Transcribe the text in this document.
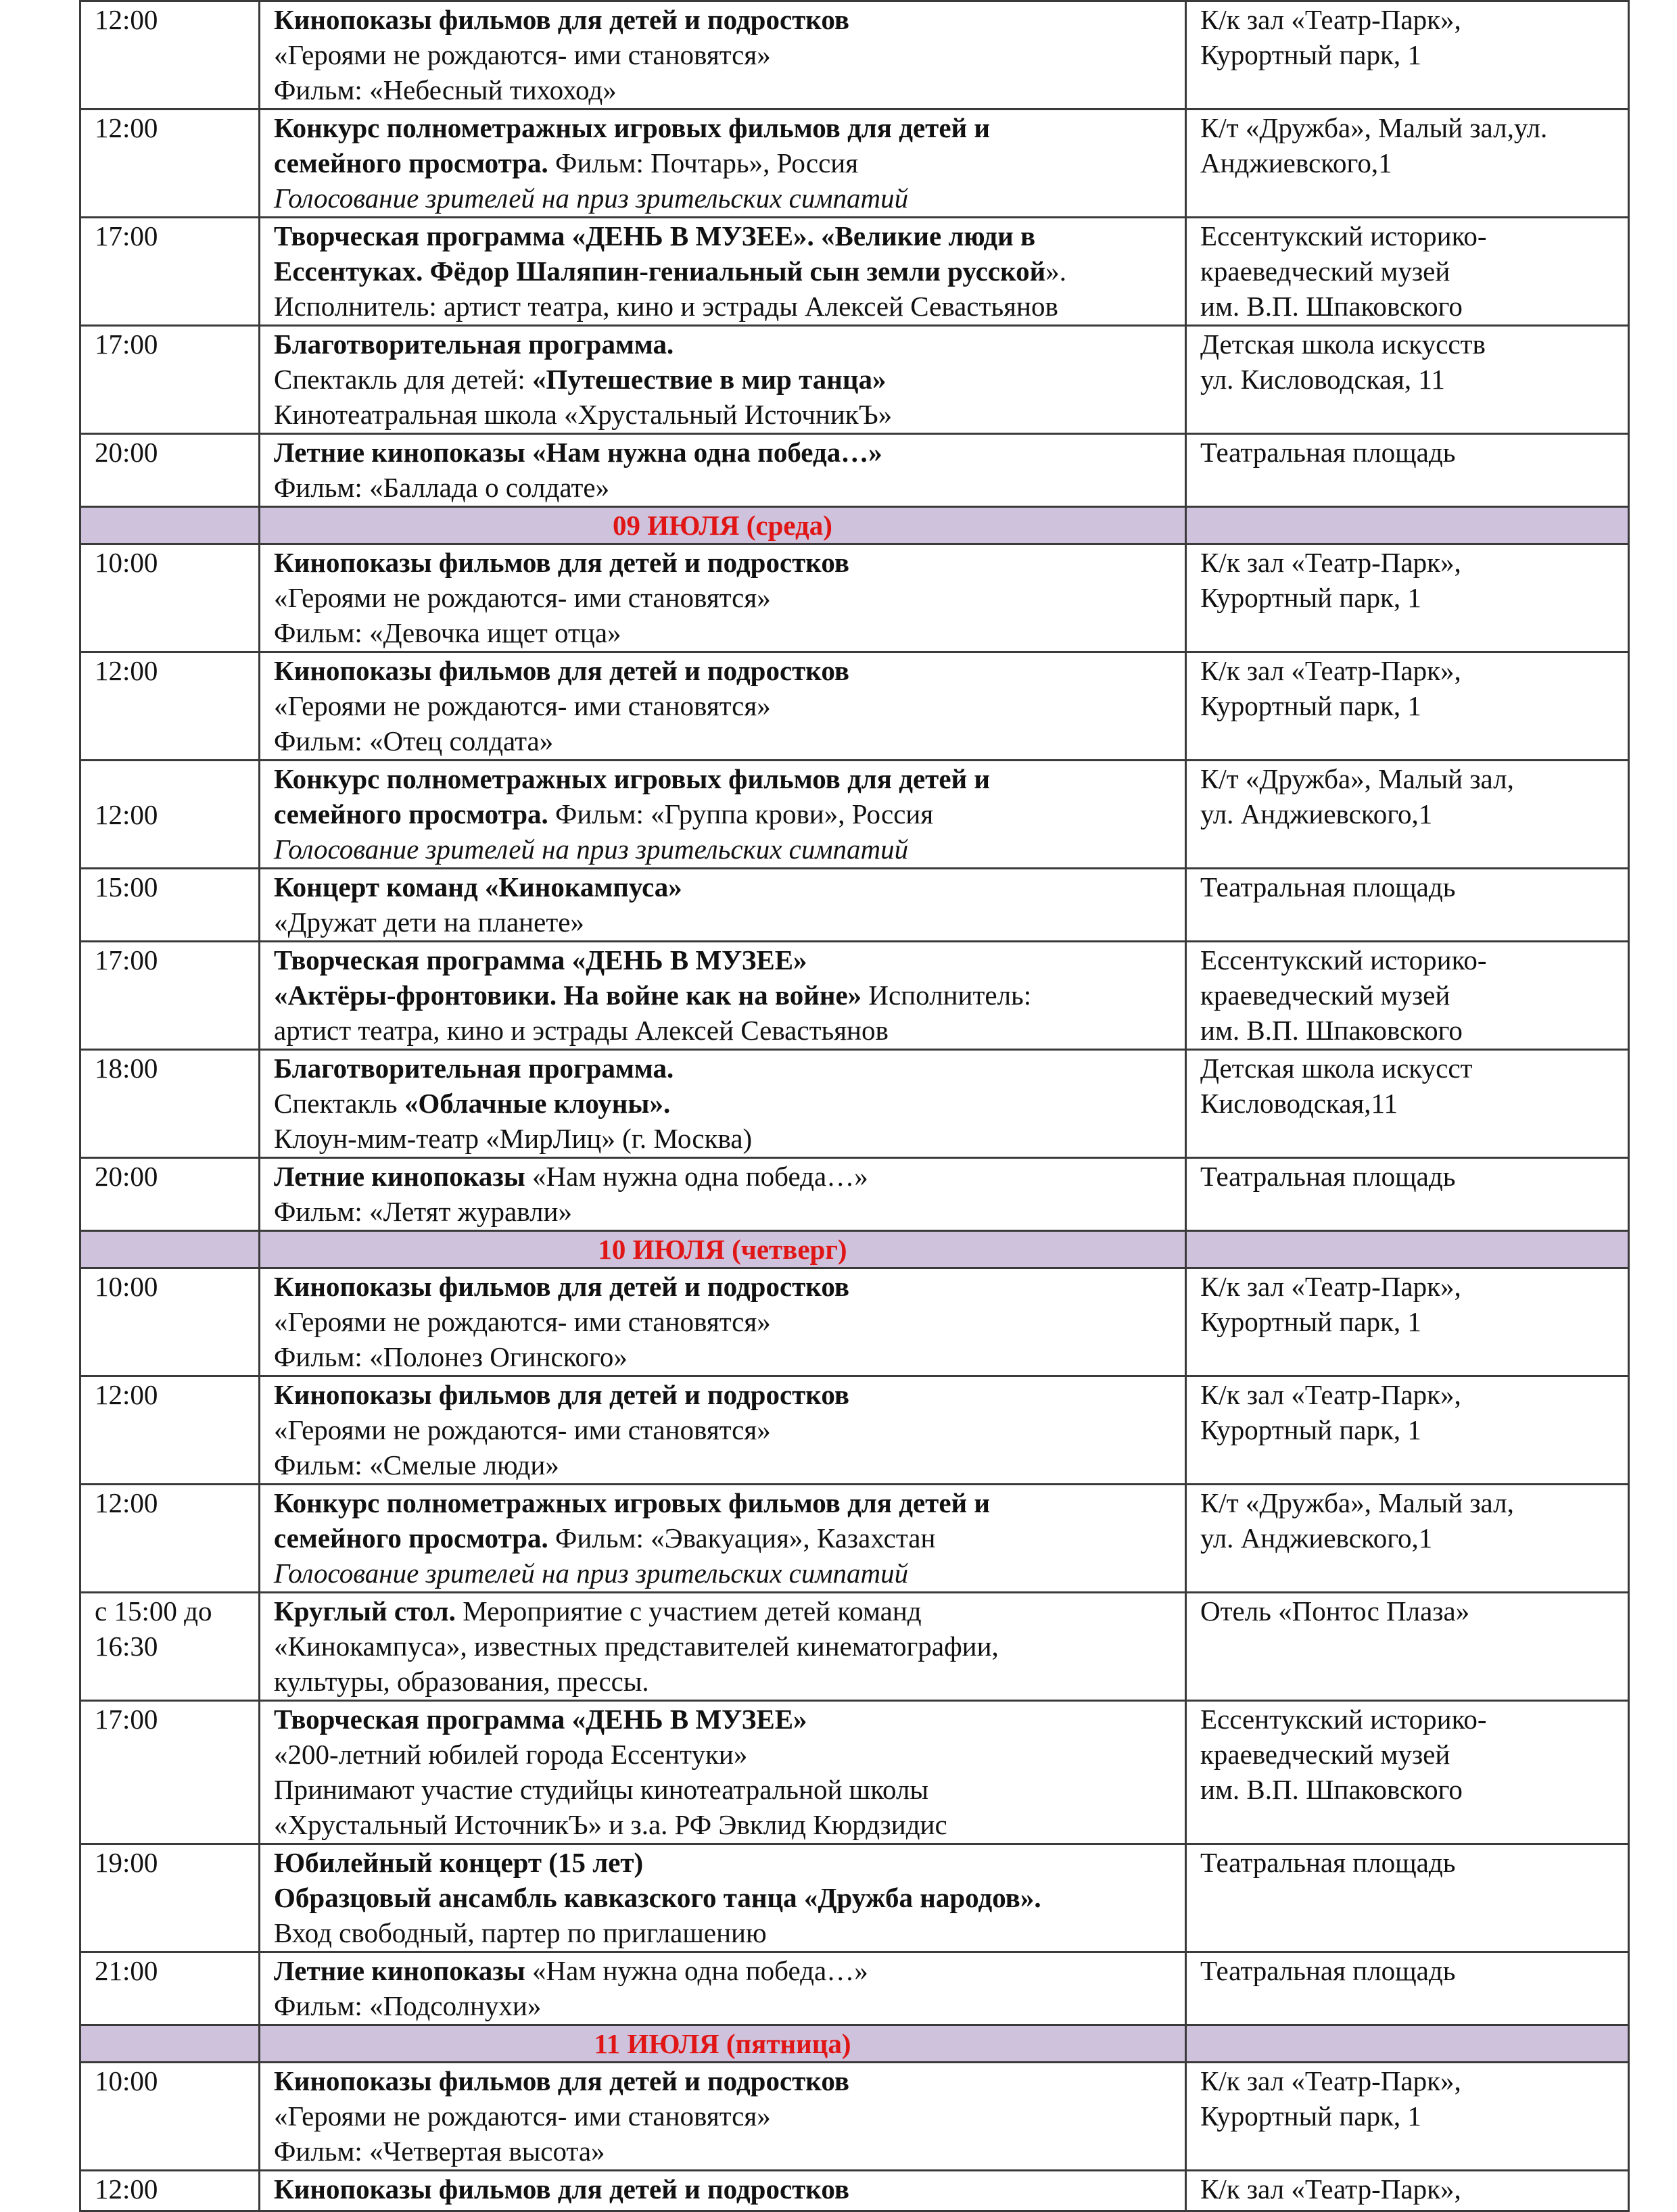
12:00	Кинопоказы фильмов для детей и подростков
«Героями не рождаются- ими становятся»
Фильм: «Небесный тихоход»	К/к зал «Театр-Парк»,
Курортный парк, 1

12:00	Конкурс полнометражных игровых фильмов для детей и
семейного просмотра. Фильм: Почтарь», Россия
Голосование зрителей на приз зрительских симпатий	К/т «Дружба», Малый зал,ул.
Анджиевского,1

17:00	Творческая программа «ДЕНЬ В МУЗЕЕ». «Великие люди в
Ессентуках. Фёдор Шаляпин-гениальный сын земли русской».
Исполнитель: артист театра, кино и эстрады Алексей Севастьянов	Ессентукский историко-
краеведческий музей
им. В.П. Шпаковского

17:00	Благотворительная программа.
Спектакль для детей: «Путешествие в мир танца»
Кинотеатральная школа «Хрустальный ИсточникЪ»	Детская школа искусств
ул. Кисловодская, 11

20:00	Летние кинопоказы «Нам нужна одна победа…»
Фильм: «Баллада о солдате»	Театральная площадь

	09 ИЮЛЯ (среда)	

10:00	Кинопоказы фильмов для детей и подростков
«Героями не рождаются- ими становятся»
Фильм: «Девочка ищет отца»	К/к зал «Театр-Парк»,
Курортный парк, 1

12:00	Кинопоказы фильмов для детей и подростков
«Героями не рождаются- ими становятся»
Фильм: «Отец солдата»	К/к зал «Театр-Парк»,
Курортный парк, 1

12:00	Конкурс полнометражных игровых фильмов для детей и
семейного просмотра. Фильм: «Группа крови», Россия
Голосование зрителей на приз зрительских симпатий	К/т «Дружба», Малый зал,
ул. Анджиевского,1

15:00	Концерт команд «Кинокампуса»
«Дружат дети на планете»	Театральная площадь

17:00	Творческая программа «ДЕНЬ В МУЗЕЕ»
«Актёры-фронтовики. На войне как на войне» Исполнитель:
артист театра, кино и эстрады Алексей Севастьянов	Ессентукский историко-
краеведческий музей
им. В.П. Шпаковского

18:00	Благотворительная программа.
Спектакль «Облачные клоуны».
Клоун-мим-театр «МирЛиц» (г. Москва)	Детская школа искусст
Кисловодская,11

20:00	Летние кинопоказы «Нам нужна одна победа…»
Фильм: «Летят журавли»	Театральная площадь

	10 ИЮЛЯ (четверг)	

10:00	Кинопоказы фильмов для детей и подростков
«Героями не рождаются- ими становятся»
Фильм: «Полонез Огинского»	К/к зал «Театр-Парк»,
Курортный парк, 1

12:00	Кинопоказы фильмов для детей и подростков
«Героями не рождаются- ими становятся»
Фильм: «Смелые люди»	К/к зал «Театр-Парк»,
Курортный парк, 1

12:00	Конкурс полнометражных игровых фильмов для детей и
семейного просмотра. Фильм: «Эвакуация», Казахстан
Голосование зрителей на приз зрительских симпатий	К/т «Дружба», Малый зал,
ул. Анджиевского,1

с 15:00 до
16:30	Круглый стол. Мероприятие с участием детей команд
«Кинокампуса», известных представителей кинематографии,
культуры, образования, прессы.	Отель «Понтос Плаза»

17:00	Творческая программа «ДЕНЬ В МУЗЕЕ»
«200-летний юбилей города Ессентуки»
Принимают участие студийцы кинотеатральной школы
«Хрустальный ИсточникЪ» и з.а. РФ Эвклид Кюрдзидис	Ессентукский историко-
краеведческий музей
им. В.П. Шпаковского

19:00	Юбилейный концерт (15 лет)
Образцовый ансамбль кавказского танца «Дружба народов».
Вход свободный, партер по приглашению	Театральная площадь

21:00	Летние кинопоказы «Нам нужна одна победа…»
Фильм: «Подсолнухи»	Театральная площадь

	11 ИЮЛЯ (пятница)	

10:00	Кинопоказы фильмов для детей и подростков
«Героями не рождаются- ими становятся»
Фильм: «Четвертая высота»	К/к зал «Театр-Парк»,
Курортный парк, 1

12:00	Кинопоказы фильмов для детей и подростков	К/к зал «Театр-Парк»,
